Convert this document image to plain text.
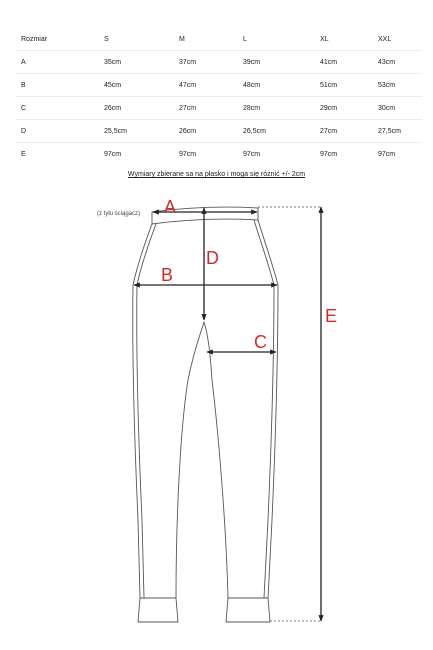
Rozmiar	S	M	L	XL	XXL
A	35cm	37cm	39cm	41cm	43cm
B	45cm	47cm	48cm	51cm	53cm
C	26cm	27cm	28cm	29cm	30cm
D	25,5cm	26cm	26,5cm	27cm	27,5cm
E	97cm	97cm	97cm	97cm	97cm
Wymiary zbierane sa na płasko i moga się różnić +/- 2cm
(z tyłu ściągacz) A
B
C
D
E
